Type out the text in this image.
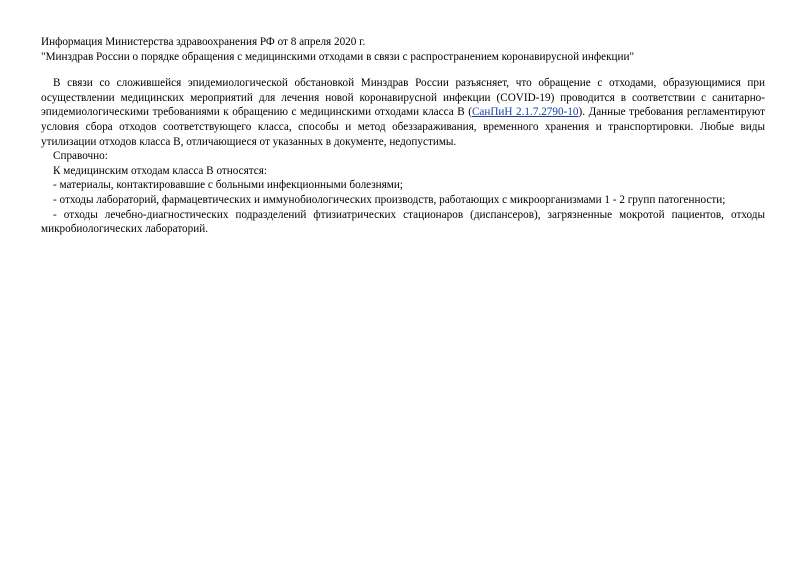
Информация Министерства здравоохранения РФ от 8 апреля 2020 г.

"Минздрав России о порядке обращения с медицинскими отходами в связи с распространением коронавирусной инфекции"

В связи со сложившейся эпидемиологической обстановкой Минздрав России разъясняет, что обращение с отходами, образующимися при осуществлении медицинских мероприятий для лечения новой коронавирусной инфекции (COVID-19) проводится в соответствии с санитарно-эпидемиологическими требованиями к обращению с медицинскими отходами класса В (СанПиН 2.1.7.2790-10). Данные требования регламентируют условия сбора отходов соответствующего класса, способы и метод обеззараживания, временного хранения и транспортировки. Любые виды утилизации отходов класса В, отличающиеся от указанных в документе, недопустимы.

Справочно:

К медицинским отходам класса В относятся:

- материалы, контактировавшие с больными инфекционными болезнями;

- отходы лабораторий, фармацевтических и иммунобиологических производств, работающих с микроорганизмами 1 - 2 групп патогенности;

- отходы лечебно-диагностических подразделений фтизиатрических стационаров (диспансеров), загрязненные мокротой пациентов, отходы микробиологических лабораторий.
